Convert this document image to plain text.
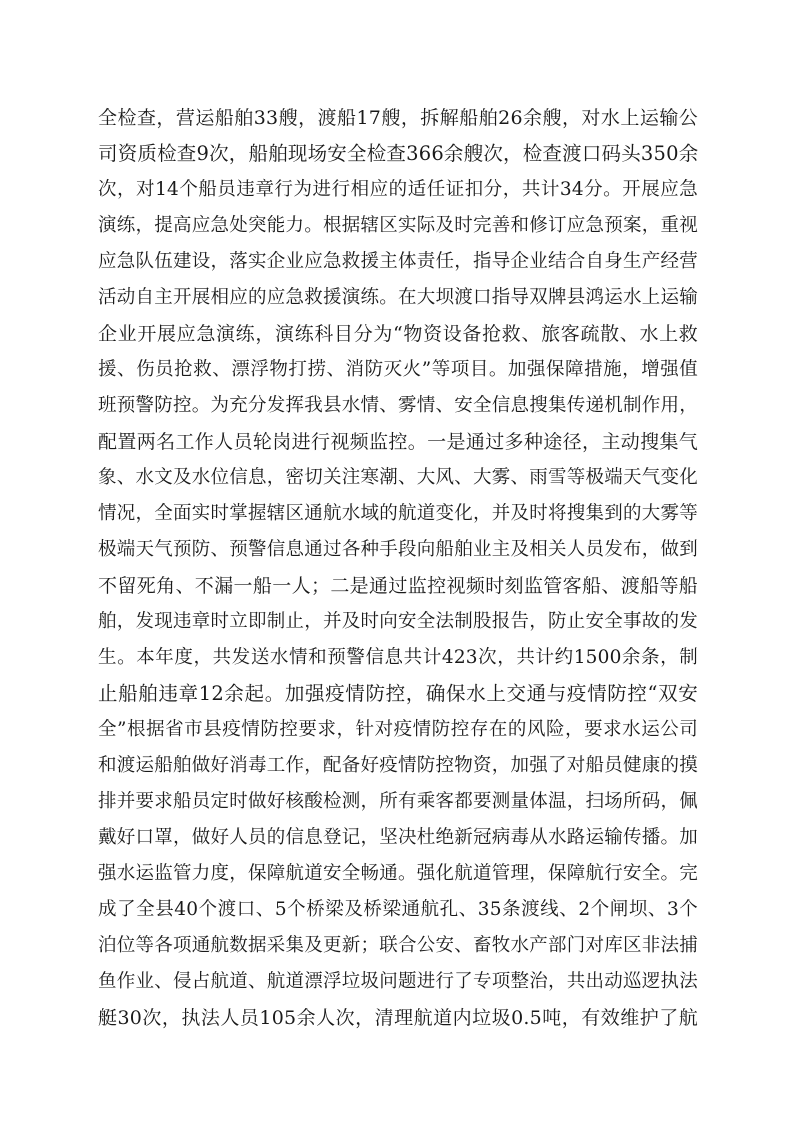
全检查，营运船舶33艘，渡船17艘，拆解船舶26余艘，对水上运输公
司资质检查9次，船舶现场安全检查366余艘次，检查渡口码头350余
次，对14个船员违章行为进行相应的适任证扣分，共计34分。开展应急
演练，提高应急处突能力。根据辖区实际及时完善和修订应急预案，重视
应急队伍建设，落实企业应急救援主体责任，指导企业结合自身生产经营
活动自主开展相应的应急救援演练。在大坝渡口指导双牌县鸿运水上运输
企业开展应急演练，演练科目分为“物资设备抢救、旅客疏散、水上救
援、伤员抢救、漂浮物打捞、消防灭火”等项目。加强保障措施，增强值
班预警防控。为充分发挥我县水情、雾情、安全信息搜集传递机制作用，
配置两名工作人员轮岗进行视频监控。一是通过多种途径，主动搜集气
象、水文及水位信息，密切关注寒潮、大风、大雾、雨雪等极端天气变化
情况，全面实时掌握辖区通航水域的航道变化，并及时将搜集到的大雾等
极端天气预防、预警信息通过各种手段向船舶业主及相关人员发布，做到
不留死角、不漏一船一人；二是通过监控视频时刻监管客船、渡船等船
舶，发现违章时立即制止，并及时向安全法制股报告，防止安全事故的发
生。本年度，共发送水情和预警信息共计423次，共计约1500余条，制
止船舶违章12余起。加强疫情防控，确保水上交通与疫情防控“双安
全”根据省市县疫情防控要求，针对疫情防控存在的风险，要求水运公司
和渡运船舶做好消毒工作，配备好疫情防控物资，加强了对船员健康的摸
排并要求船员定时做好核酸检测，所有乘客都要测量体温，扫场所码，佩
戴好口罩，做好人员的信息登记，坚决杜绝新冠病毒从水路运输传播。加
强水运监管力度，保障航道安全畅通。强化航道管理，保障航行安全。完
成了全县40个渡口、5个桥梁及桥梁通航孔、35条渡线、2个闸坝、3个
泊位等各项通航数据采集及更新；联合公安、畜牧水产部门对库区非法捕
鱼作业、侵占航道、航道漂浮垃圾问题进行了专项整治，共出动巡逻执法
艇30次，执法人员105余人次，清理航道内垃圾0.5吨，有效维护了航
